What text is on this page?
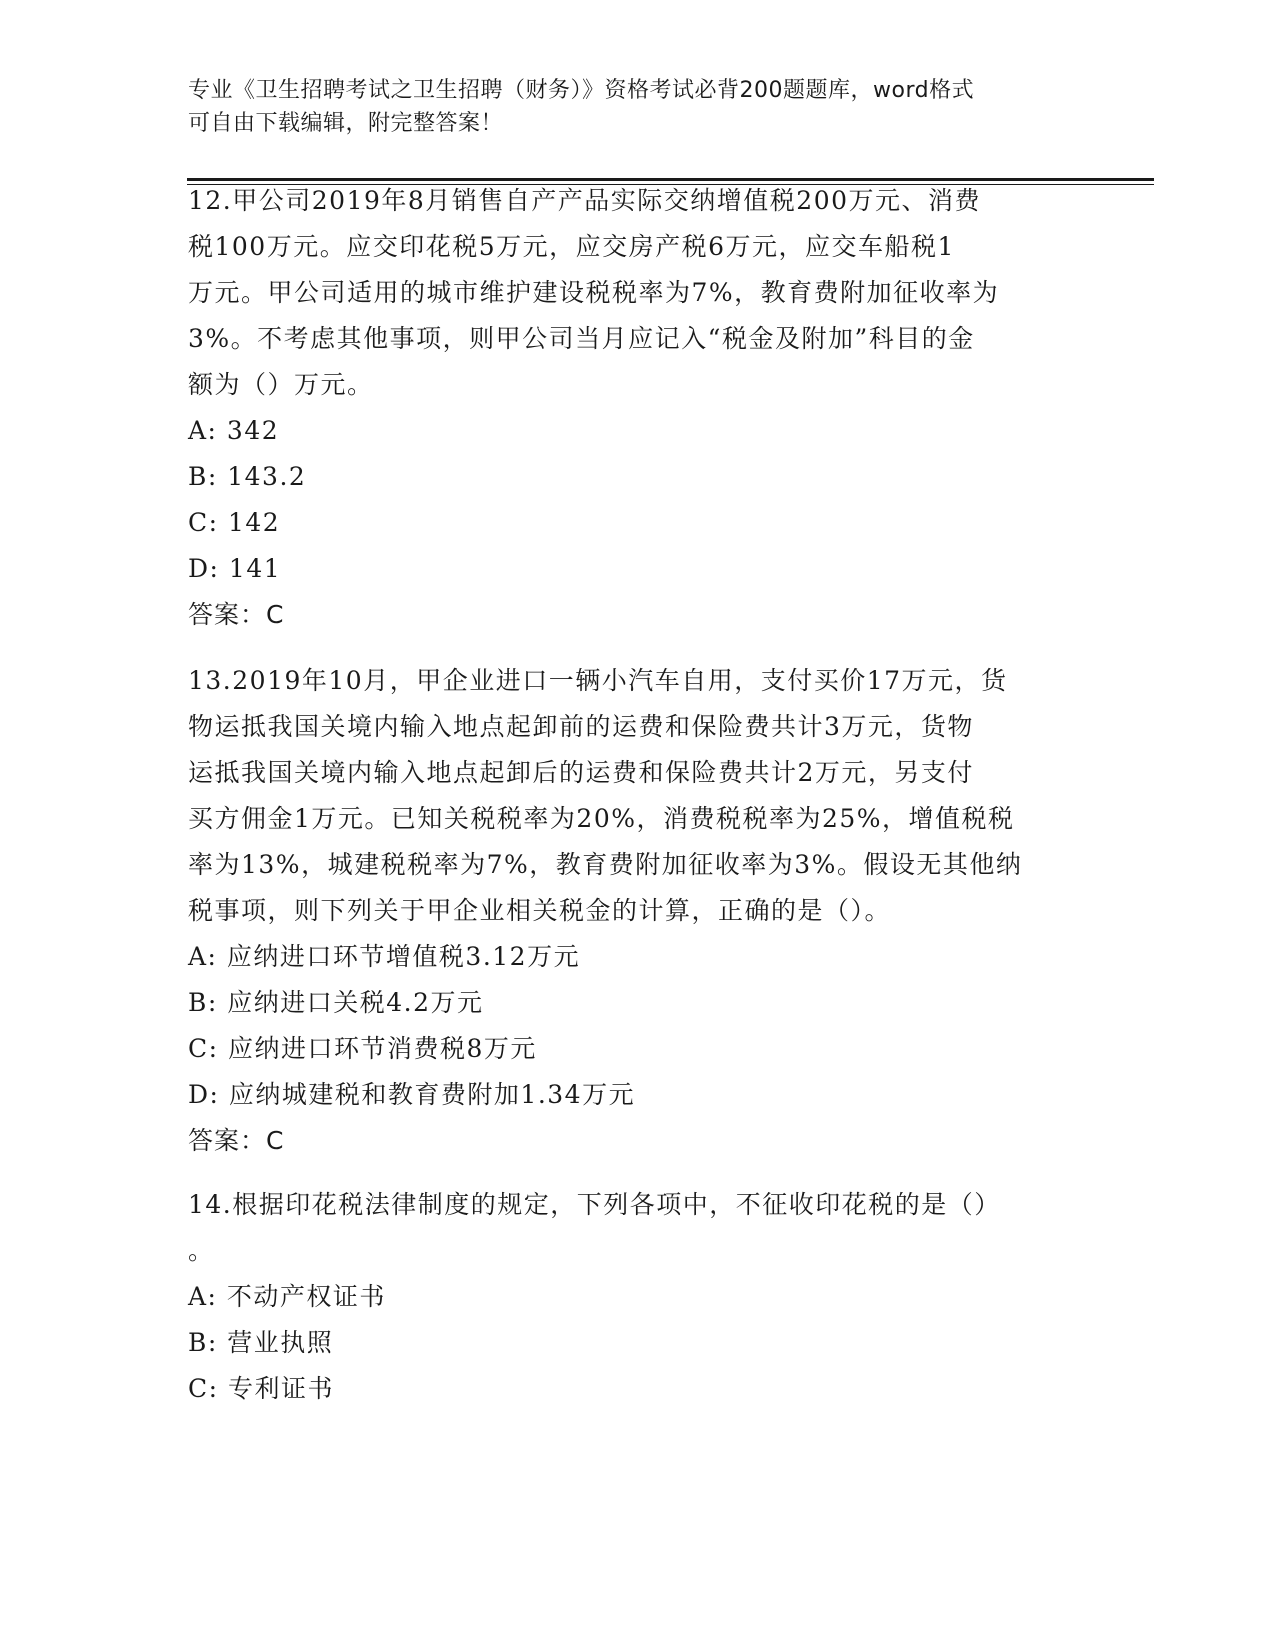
专业《卫生招聘考试之卫生招聘（财务）》资格考试必背200题题库，word格式
可自由下载编辑，附完整答案！
12.甲公司2019年8月销售自产产品实际交纳增值税200万元、消费
税100万元。应交印花税5万元，应交房产税6万元，应交车船税1
万元。甲公司适用的城市维护建设税税率为7%，教育费附加征收率为
3%。不考虑其他事项，则甲公司当月应记入“税金及附加”科目的金
额为（）万元。
A: 342
B: 143.2
C: 142
D: 141
答案：C
13.2019年10月，甲企业进口一辆小汽车自用，支付买价17万元，货
物运抵我国关境内输入地点起卸前的运费和保险费共计3万元，货物
运抵我国关境内输入地点起卸后的运费和保险费共计2万元，另支付
买方佣金1万元。已知关税税率为20%，消费税税率为25%，增值税税
率为13%，城建税税率为7%，教育费附加征收率为3%。假设无其他纳
税事项，则下列关于甲企业相关税金的计算，正确的是（）。
A: 应纳进口环节增值税3.12万元
B: 应纳进口关税4.2万元
C: 应纳进口环节消费税8万元
D: 应纳城建税和教育费附加1.34万元
答案：C
14.根据印花税法律制度的规定，下列各项中，不征收印花税的是（）
。
A: 不动产权证书
B: 营业执照
C: 专利证书
